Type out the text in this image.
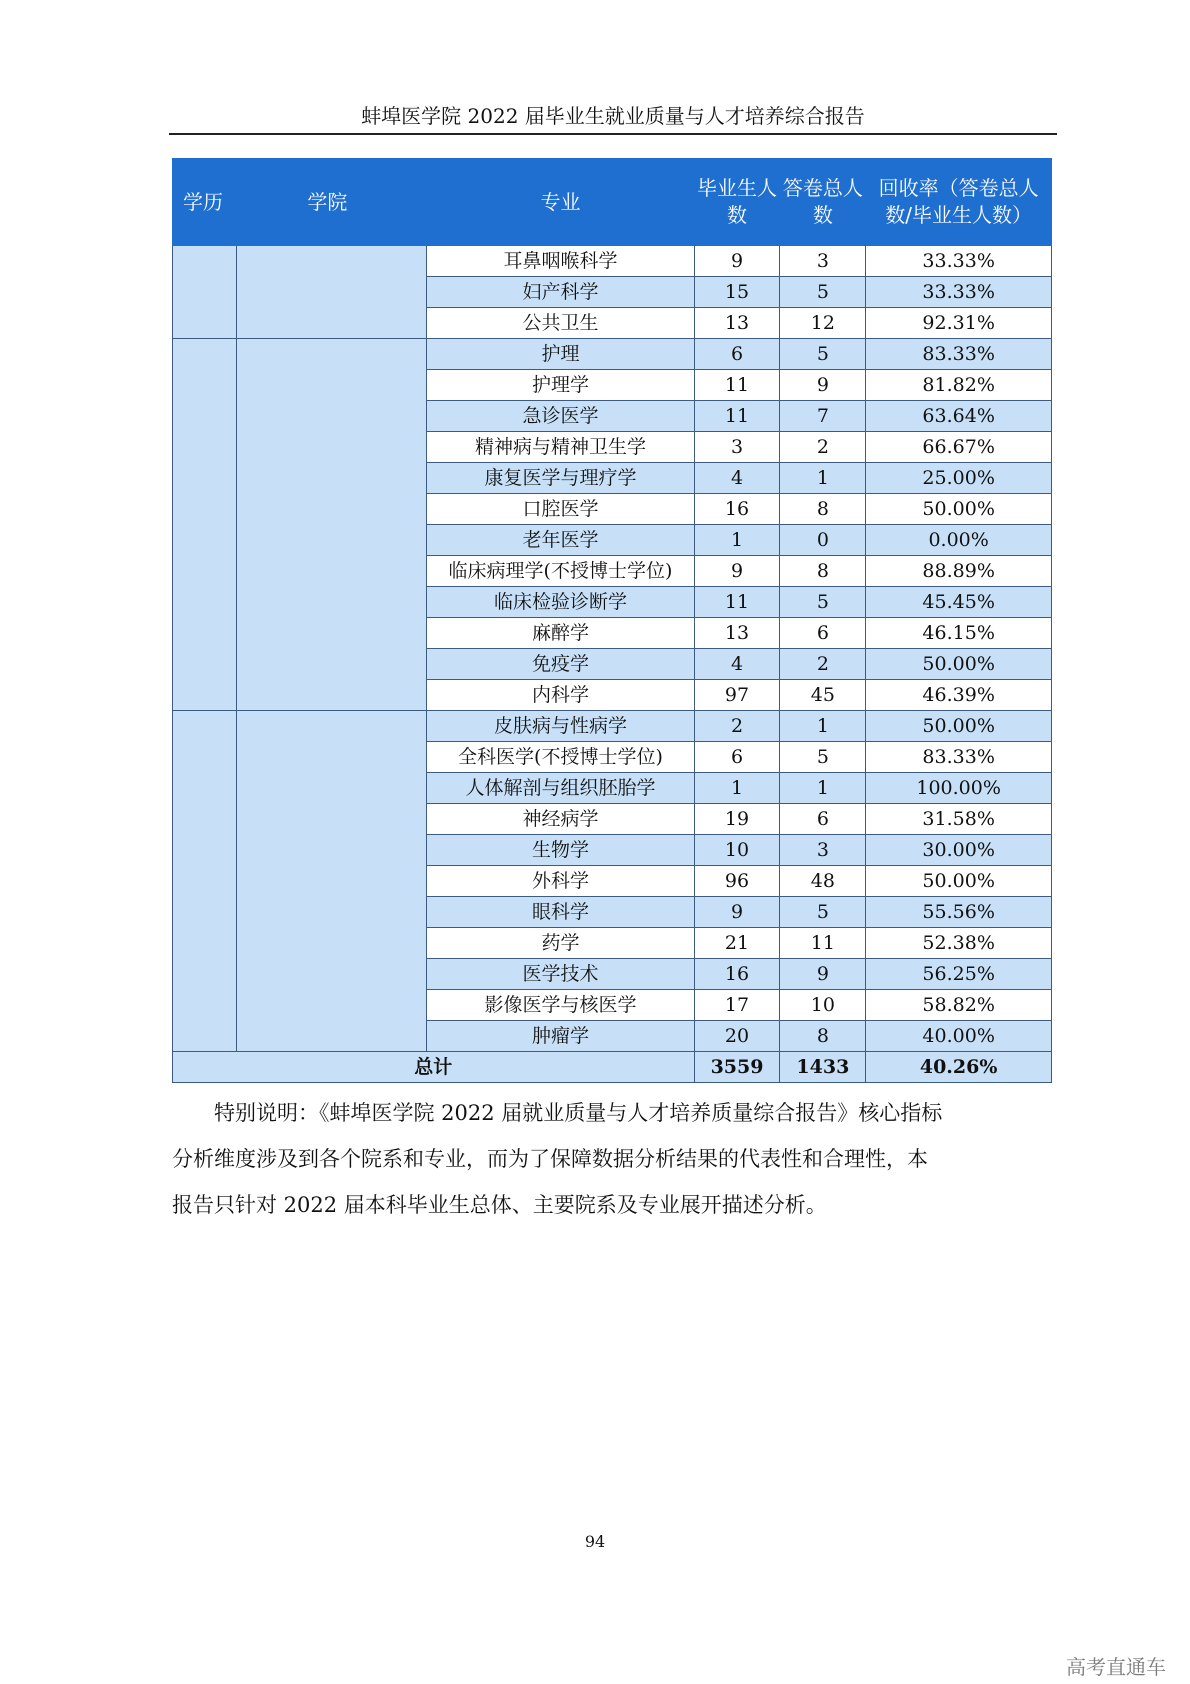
蚌埠医学院 2022 届毕业生就业质量与人才培养综合报告
学历	学院	专业	毕业生人数	答卷总人数	回收率（答卷总人数/毕业生人数）
		耳鼻咽喉科学	9	3	33.33%
		妇产科学	15	5	33.33%
		公共卫生	13	12	92.31%
		护理	6	5	83.33%
		护理学	11	9	81.82%
		急诊医学	11	7	63.64%
		精神病与精神卫生学	3	2	66.67%
		康复医学与理疗学	4	1	25.00%
		口腔医学	16	8	50.00%
		老年医学	1	0	0.00%
		临床病理学(不授博士学位)	9	8	88.89%
		临床检验诊断学	11	5	45.45%
		麻醉学	13	6	46.15%
		免疫学	4	2	50.00%
		内科学	97	45	46.39%
		皮肤病与性病学	2	1	50.00%
		全科医学(不授博士学位)	6	5	83.33%
		人体解剖与组织胚胎学	1	1	100.00%
		神经病学	19	6	31.58%
		生物学	10	3	30.00%
		外科学	96	48	50.00%
		眼科学	9	5	55.56%
		药学	21	11	52.38%
		医学技术	16	9	56.25%
		影像医学与核医学	17	10	58.82%
		肿瘤学	20	8	40.00%
总计			3559	1433	40.26%
特别说明：《蚌埠医学院 2022 届就业质量与人才培养质量综合报告》核心指标
分析维度涉及到各个院系和专业，而为了保障数据分析结果的代表性和合理性，本
报告只针对 2022 届本科毕业生总体、主要院系及专业展开描述分析。
94
高考直通车
